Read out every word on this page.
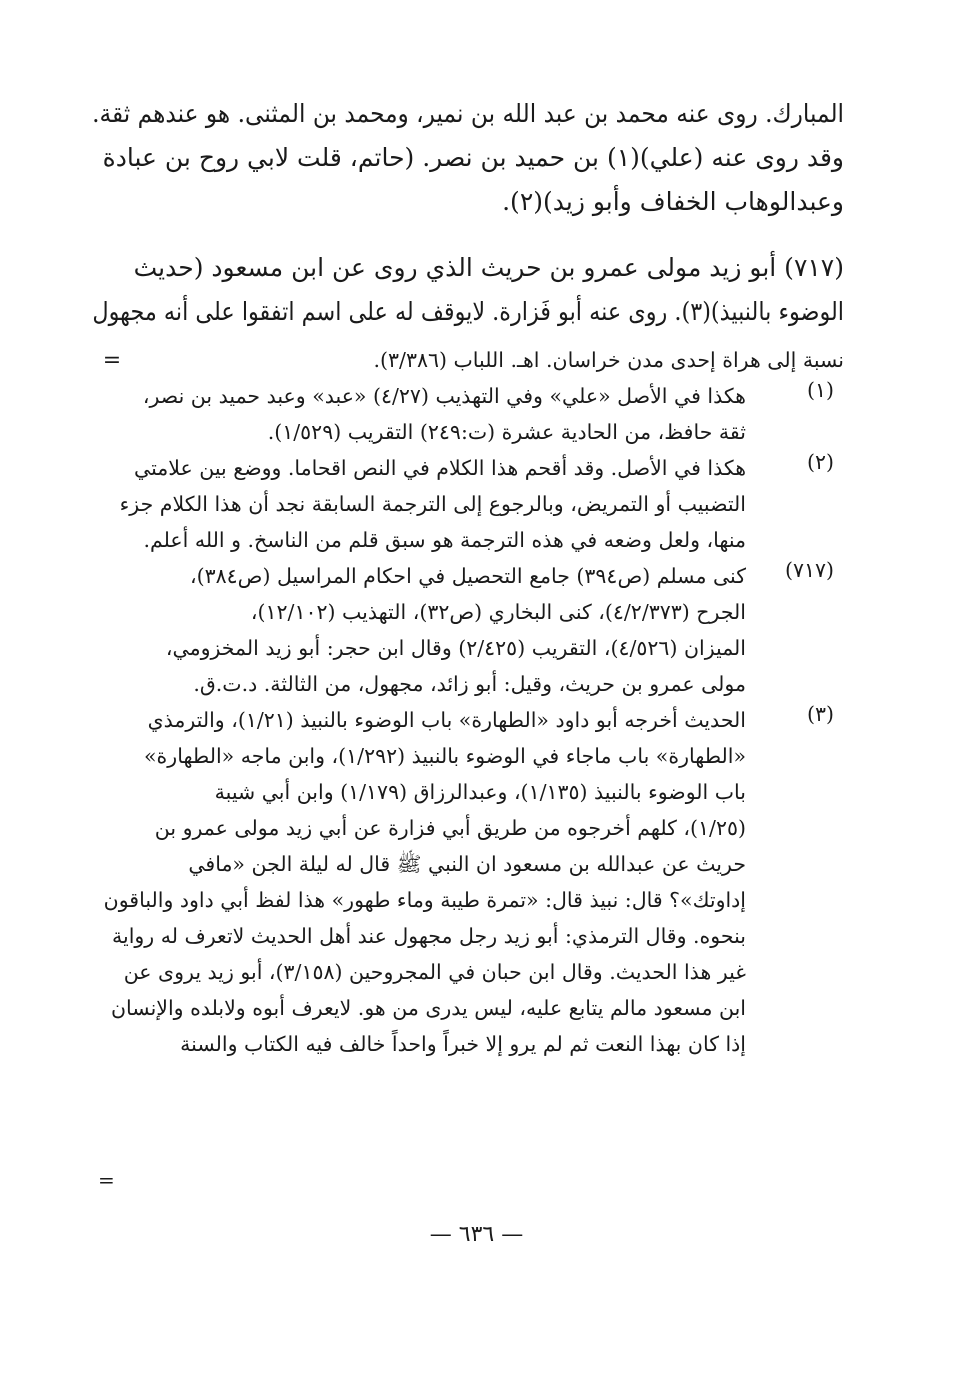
المبارك. روى عنه محمد بن عبد الله بن نمير، ومحمد بن المثنى. هو عندهم ثقة.
وقد روى عنه (علي)(١) بن حميد بن نصر. (حاتم، قلت لابي روح بن عبادة
وعبدالوهاب الخفاف وأبو زيد)(٢).
(٧١٧) أبو زيد مولى عمرو بن حريث الذي روى عن ابن مسعود (حديث
الوضوء بالنبيذ)(٣). روى عنه أبو فَزارة. لايوقف له على اسم اتفقوا على أنه مجهول
نسبة إلى هراة إحدى مدن خراسان. اهـ. اللباب (٣/٣٨٦).
=
(١)
هكذا في الأصل «علي» وفي التهذيب (٤/٢٧) «عبد» وعبد حميد بن نصر،
ثقة حافظ، من الحادية عشرة (ت:٢٤٩) التقريب (١/٥٢٩).
(٢)
هكذا في الأصل. وقد أقحم هذا الكلام في النص اقحاما. ووضع بين علامتي
التضبيب أو التمريض، وبالرجوع إلى الترجمة السابقة نجد أن هذا الكلام جزء
منها، ولعل وضعه في هذه الترجمة هو سبق قلم من الناسخ. و الله أعلم.
(٧١٧)
كنى مسلم (ص٣٩٤) جامع التحصيل في احكام المراسيل (ص٣٨٤)،
الجرح (٤/٢/٣٧٣)، كنى البخاري (ص٣٢)، التهذيب (١٢/١٠٢)،
الميزان (٤/٥٢٦)، التقريب (٢/٤٢٥) وقال ابن حجر: أبو زيد المخزومي،
مولى عمرو بن حريث، وقيل: أبو زائد، مجهول، من الثالثة. د.ت.ق.
(٣)
الحديث أخرجه أبو داود «الطهارة» باب الوضوء بالنبيذ (١/٢١)، والترمذي
«الطهارة» باب ماجاء في الوضوء بالنبيذ (١/٢٩٢)، وابن ماجه «الطهارة»
باب الوضوء بالنبيذ (١/١٣٥)، وعبدالرزاق (١/١٧٩) وابن أبي شيبة
(١/٢٥)، كلهم أخرجوه من طريق أبي فزارة عن أبي زيد مولى عمرو بن
حريث عن عبدالله بن مسعود ان النبي ﷺ قال له ليلة الجن «مافي
إداوتك»؟ قال: نبيذ قال: «تمرة طيبة وماء طهور» هذا لفظ أبي داود والباقون
بنحوه. وقال الترمذي: أبو زيد رجل مجهول عند أهل الحديث لاتعرف له رواية
غير هذا الحديث. وقال ابن حبان في المجروحين (٣/١٥٨)، أبو زيد يروى عن
ابن مسعود مالم يتابع عليه، ليس يدرى من هو. لايعرف أبوه ولابلده والإنسان
إذا كان بهذا النعت ثم لم يرو إلا خبراً واحداً خالف فيه الكتاب والسنة
=
— ٦٣٦ —
